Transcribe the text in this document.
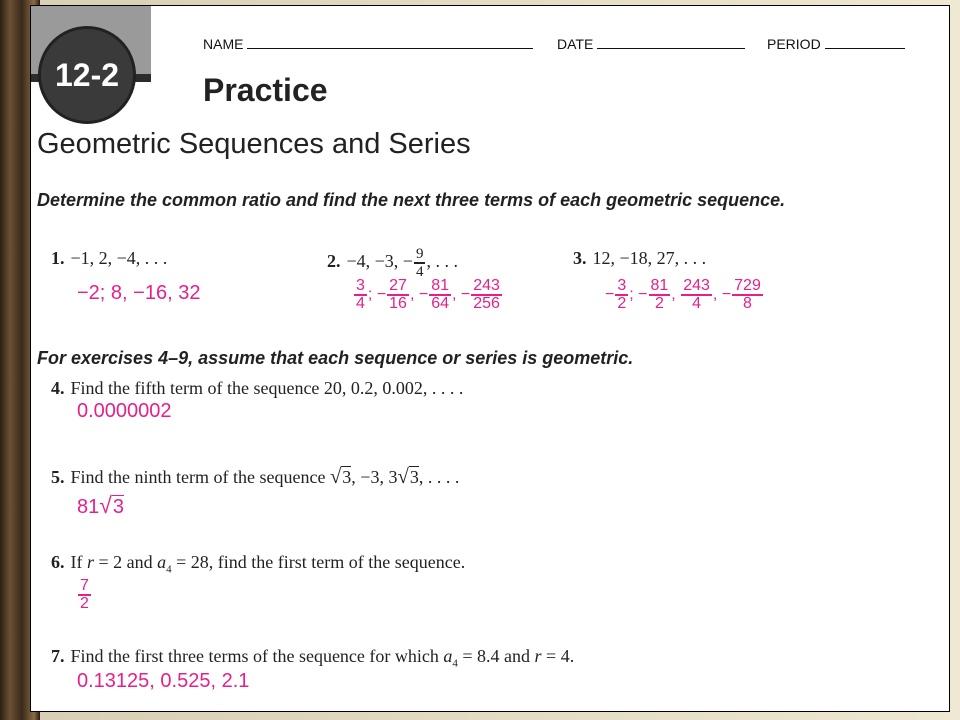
12-2
NAME	DATE	PERIOD
Practice
Geometric Sequences and Series
Determine the common ratio and find the next three terms of each geometric sequence.
1. −1, 2, −4, . . .
−2; 8, −16, 32
2. −4, −3, − $\frac{9}{4}$ , . . .
$\frac{3}{4}$ ; − $\frac{27}{16}$ , − $\frac{81}{64}$ , − $\frac{243}{256}$
3. 12, −18, 27, . . .
− $\frac{3}{2}$ ; − $\frac{81}{2}$ , $\frac{243}{4}$ , − $\frac{729}{8}$
For exercises 4–9, assume that each sequence or series is geometric.
4. Find the fifth term of the sequence 20, 0.2, 0.002, . . . .
0.0000002
5. Find the ninth term of the sequence √3, −3, 3√3, . . . .
81√3
6. If r = 2 and $a_4 = 28$, find the first term of the sequence.
$\frac{7}{2}$
7. Find the first three terms of the sequence for which $a_4 = 8.4$ and r = 4.
0.13125, 0.525, 2.1
